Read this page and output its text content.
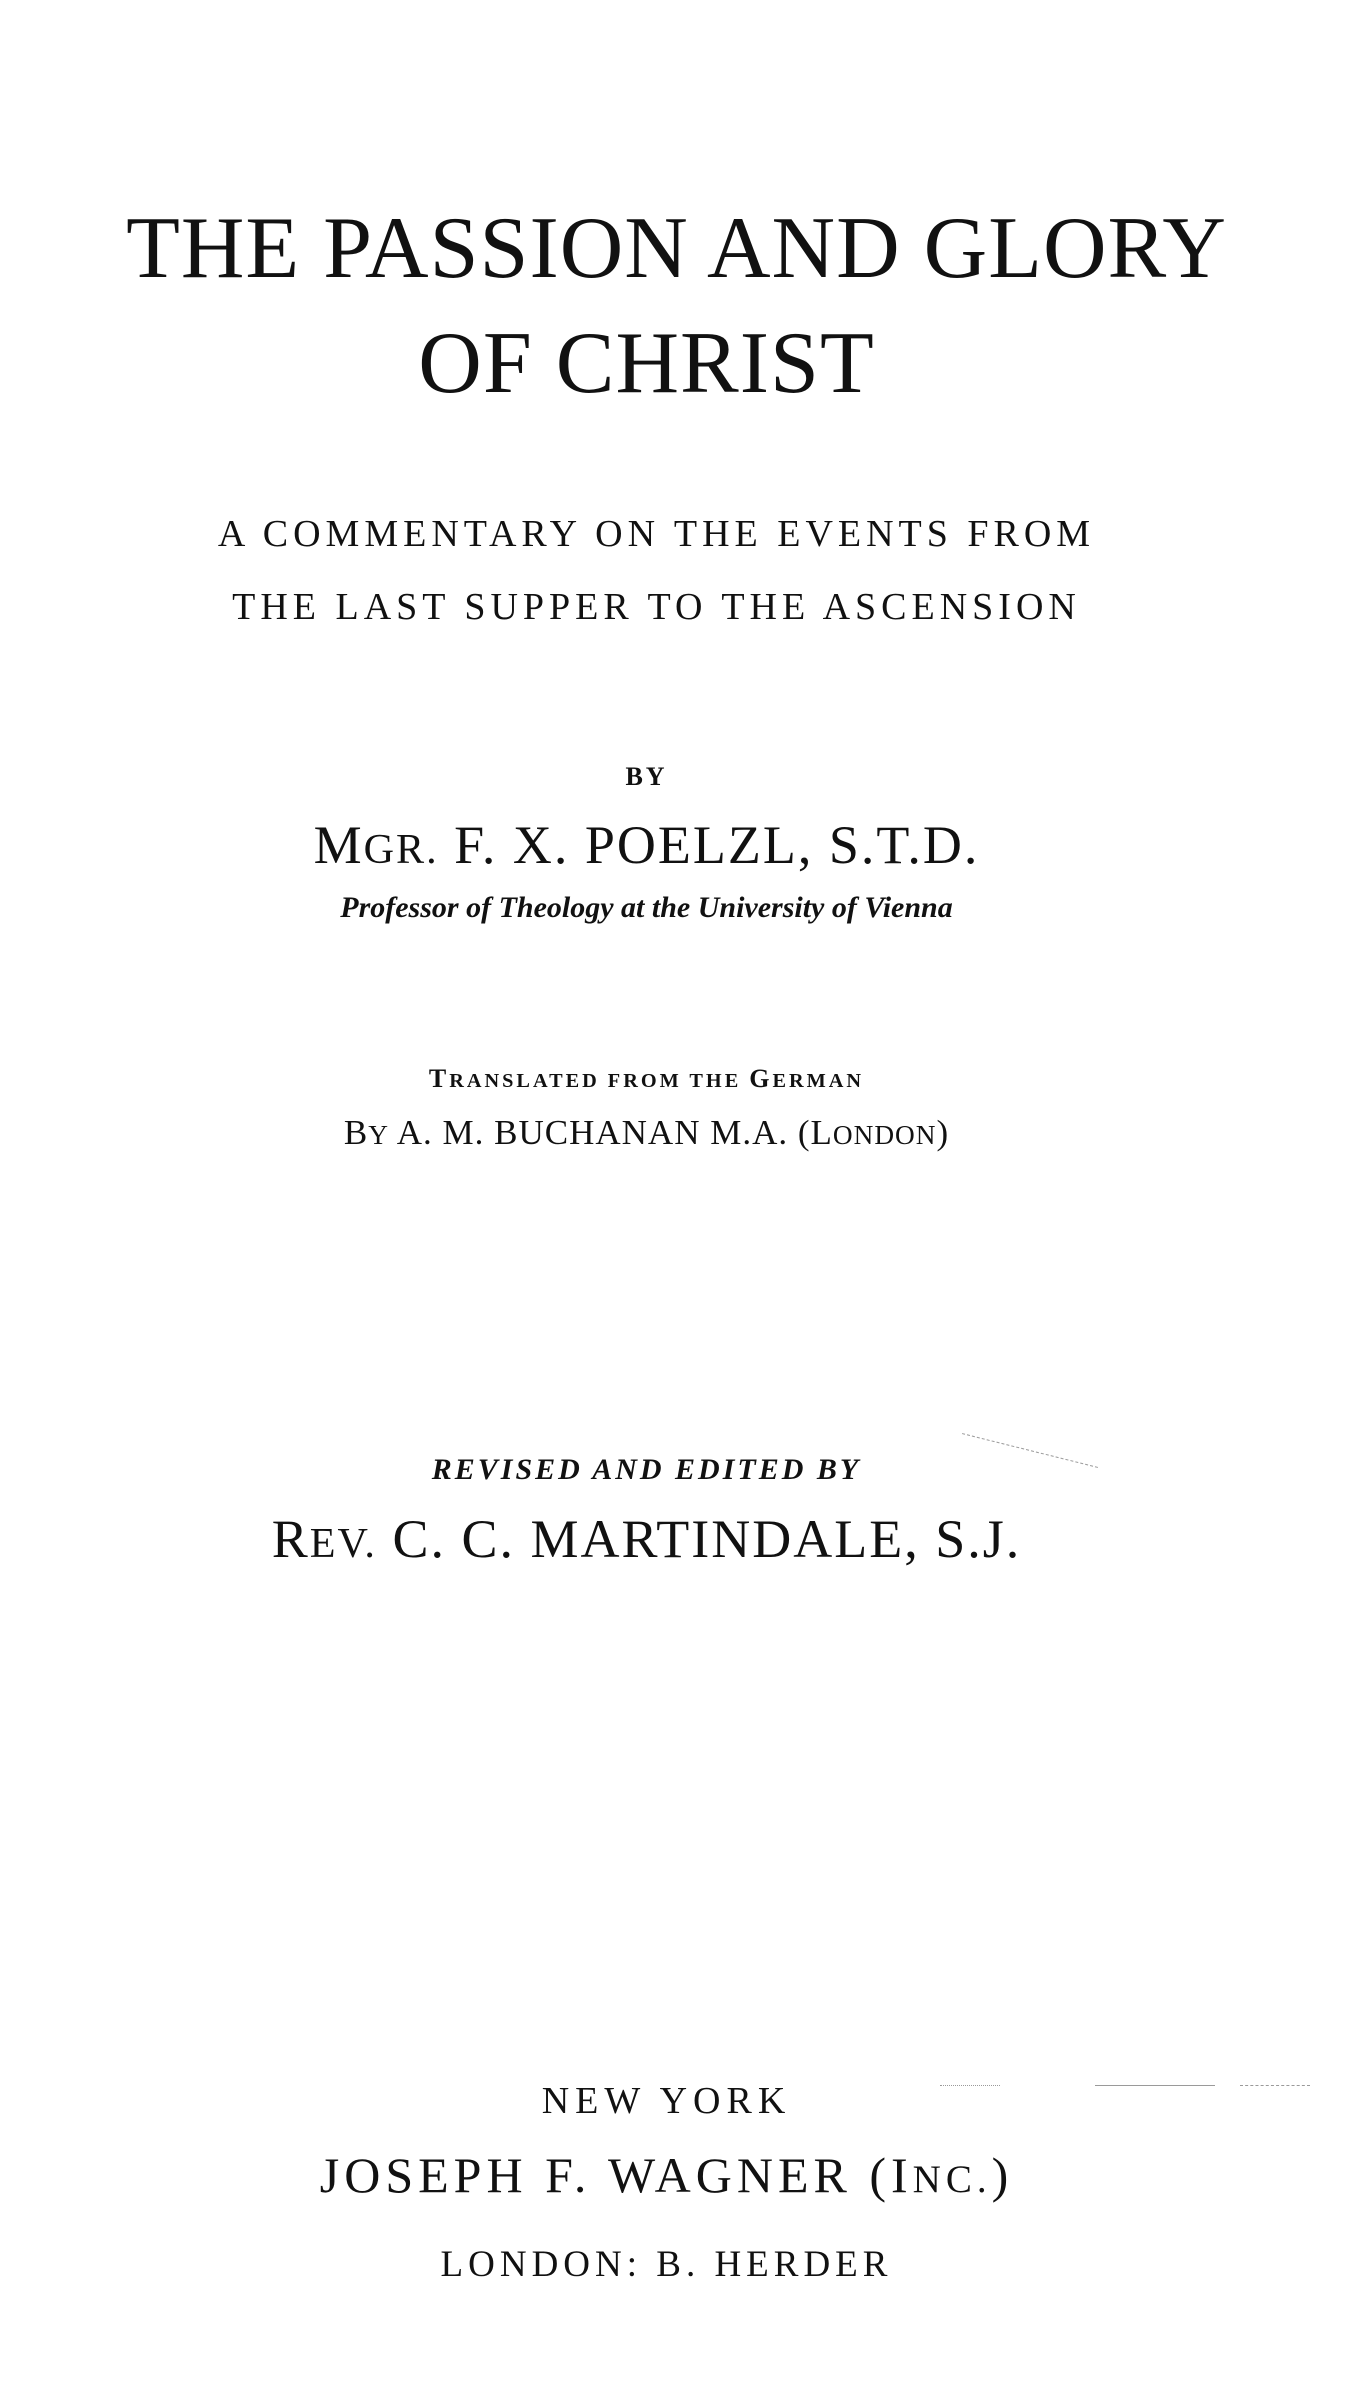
THE PASSION AND GLORY
OF CHRIST
A COMMENTARY ON THE EVENTS FROM
THE LAST SUPPER TO THE ASCENSION
BY
MGR. F. X. POELZL, S.T.D.
Professor of Theology at the University of Vienna
TRANSLATED FROM THE GERMAN
BY A. M. BUCHANAN M.A. (LONDON)
REVISED AND EDITED BY
REV. C. C. MARTINDALE, S.J.
NEW YORK
JOSEPH F. WAGNER (INC.)
LONDON: B. HERDER
